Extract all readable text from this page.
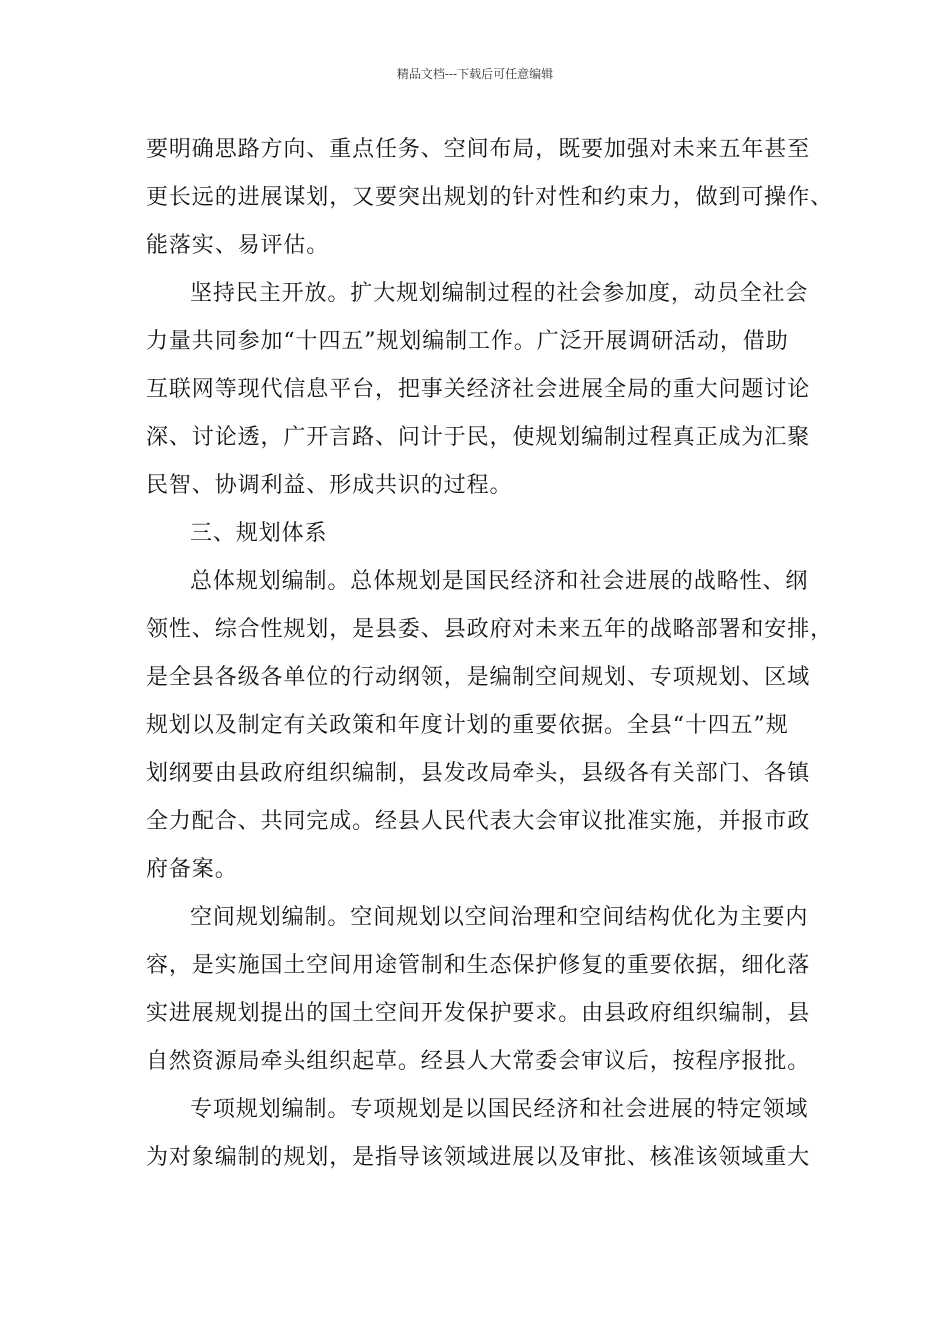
精品文档---下载后可任意编辑
要明确思路方向、重点任务、空间布局，既要加强对未来五年甚至
更长远的进展谋划，又要突出规划的针对性和约束力，做到可操作、
能落实、易评估。
坚持民主开放。扩大规划编制过程的社会参加度，动员全社会
力量共同参加“十四五”规划编制工作。广泛开展调研活动，借助
互联网等现代信息平台，把事关经济社会进展全局的重大问题讨论
深、讨论透，广开言路、问计于民，使规划编制过程真正成为汇聚
民智、协调利益、形成共识的过程。
三、规划体系
总体规划编制。总体规划是国民经济和社会进展的战略性、纲
领性、综合性规划，是县委、县政府对未来五年的战略部署和安排，
是全县各级各单位的行动纲领，是编制空间规划、专项规划、区域
规划以及制定有关政策和年度计划的重要依据。全县“十四五”规
划纲要由县政府组织编制，县发改局牵头，县级各有关部门、各镇
全力配合、共同完成。经县人民代表大会审议批准实施，并报市政
府备案。
空间规划编制。空间规划以空间治理和空间结构优化为主要内
容，是实施国土空间用途管制和生态保护修复的重要依据，细化落
实进展规划提出的国土空间开发保护要求。由县政府组织编制，县
自然资源局牵头组织起草。经县人大常委会审议后，按程序报批。
专项规划编制。专项规划是以国民经济和社会进展的特定领域
为对象编制的规划，是指导该领域进展以及审批、核准该领域重大
